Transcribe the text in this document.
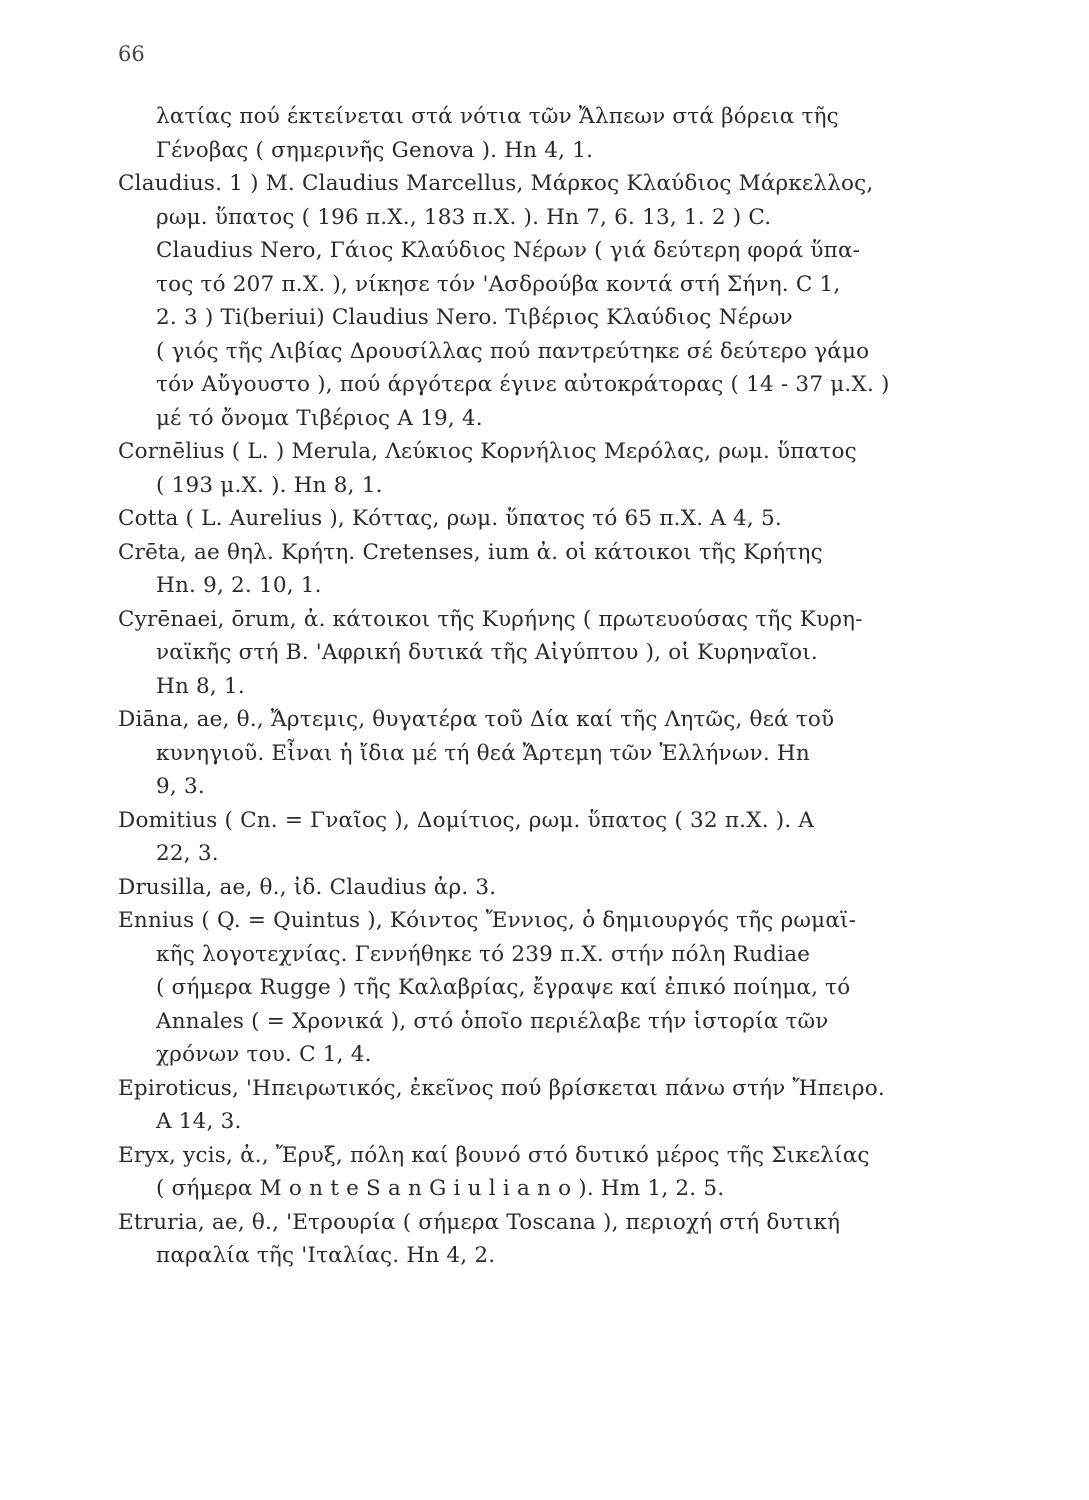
66

λατίας πού έκτείνεται στά νότια τῶν Ἄλπεων στά βόρεια τῆς
Γένοβας ( σημερινῆς Genova ). Hn 4, 1.

Claudius. 1 ) M. Claudius Marcellus, Μάρκος Κλαύδιος Μάρκελλος,
ρωμ. ὕπατος ( 196 π.Χ., 183 π.Χ. ). Hn 7, 6. 13, 1. 2 ) C.
Claudius Nero, Γάιος Κλαύδιος Νέρων ( γιά δεύτερη φορά ὕπα-
τος τό 207 π.Χ. ), νίκησε τόν 'Ασδρούβα κοντά στή Σήνη. C 1,
2. 3 ) Ti(beriui) Claudius Nero. Τιβέριος Κλαύδιος Νέρων
( γιός τῆς Λιβίας Δρουσίλλας πού παντρεύτηκε σέ δεύτερο γάμο
τόν Αὔγουστο ), πού άργότερα έγινε αὐτοκράτορας ( 14 - 37 μ.Χ. )
μέ τό ὄνομα Τιβέριος Α 19, 4.

Cornēlius ( L. ) Merula, Λεύκιος Κορνήλιος Μερόλας, ρωμ. ὕπατος
( 193 μ.Χ. ). Hn 8, 1.

Cotta ( L. Aurelius ), Κόττας, ρωμ. ὕπατος τό 65 π.Χ. Α 4, 5.

Crēta, ae θηλ. Κρήτη. Cretenses, ium ἀ. οἱ κάτοικοι τῆς Κρήτης
Hn. 9, 2. 10, 1.

Cyrēnaei, ōrum, ἀ. κάτοικοι τῆς Κυρήνης ( πρωτευούσας τῆς Κυρη-
ναϊκῆς στή Β. 'Αφρική δυτικά τῆς Αἰγύπτου ), οἱ Κυρηναῖοι.
Hn 8, 1.

Diāna, ae, θ., Ἄρτεμις, θυγατέρα τοῦ Δία καί τῆς Λητῶς, θεά τοῦ
κυνηγιοῦ. Εἶναι ἡ ἴδια μέ τή θεά Ἄρτεμη τῶν Ἑλλήνων. Hn
9, 3.

Domitius ( Cn. = Γναῖος ), Δομίτιος, ρωμ. ὕπατος ( 32 π.Χ. ). Α
22, 3.

Drusilla, ae, θ., ἰδ. Claudius ἀρ. 3.

Ennius ( Q. = Quintus ), Κόιντος Ἔννιος, ὁ δημιουργός τῆς ρωμαϊ-
κῆς λογοτεχνίας. Γεννήθηκε τό 239 π.Χ. στήν πόλη Rudiae
( σήμερα Rugge ) τῆς Καλαβρίας, ἔγραψε καί ἐπικό ποίημα, τό
Annales ( = Χρονικά ), στό ὁποῖο περιέλαβε τήν ἱστορία τῶν
χρόνων του. C 1, 4.

Epiroticus, 'Ηπειρωτικός, ἐκεῖνος πού βρίσκεται πάνω στήν Ἤπειρο.
Α 14, 3.

Eryx, ycis, ἀ., Ἔρυξ, πόλη καί βουνό στό δυτικό μέρος τῆς Σικελίας
( σήμερα M o n t e S a n G i u l i a n o ). Hm 1, 2. 5.

Etruria, ae, θ., 'Ετρουρία ( σήμερα Toscana ), περιοχή στή δυτική
παραλία τῆς 'Ιταλίας. Hn 4, 2.
